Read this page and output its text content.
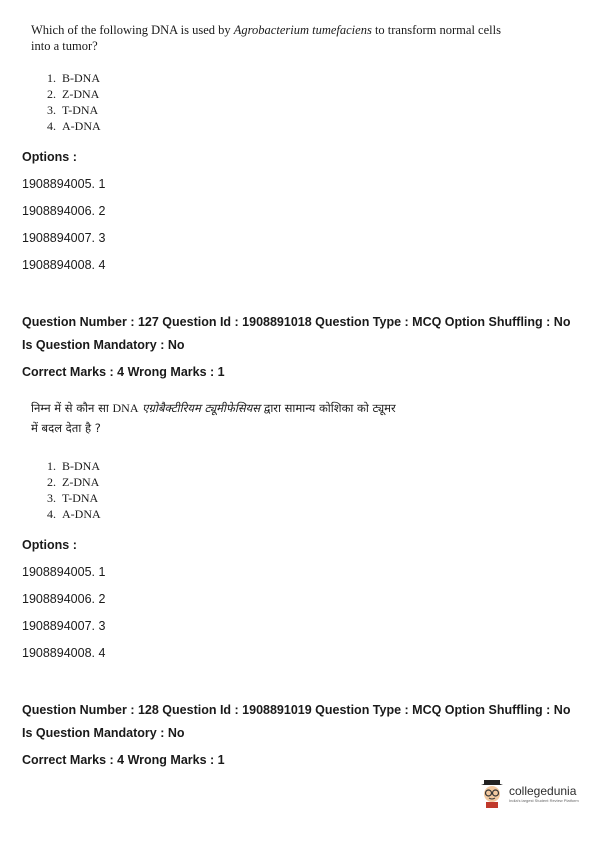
Which of the following DNA is used by Agrobacterium tumefaciens to transform normal cells
into a tumor?
1. B-DNA
2. Z-DNA
3. T-DNA
4. A-DNA
Options :
1908894005. 1
1908894006. 2
1908894007. 3
1908894008. 4
Question Number : 127 Question Id : 1908891018 Question Type : MCQ Option Shuffling : No
Is Question Mandatory : No
Correct Marks : 4 Wrong Marks : 1
निम्न में से कौन सा DNA एग्रोबैक्टीरियम ट्यूमीफेसियस द्वारा सामान्य कोशिका को ट्यूमर
में बदल देता है ?
1. B-DNA
2. Z-DNA
3. T-DNA
4. A-DNA
Options :
1908894005. 1
1908894006. 2
1908894007. 3
1908894008. 4
Question Number : 128 Question Id : 1908891019 Question Type : MCQ Option Shuffling : No
Is Question Mandatory : No
Correct Marks : 4 Wrong Marks : 1
collegedunia
India's largest Student Review Platform
